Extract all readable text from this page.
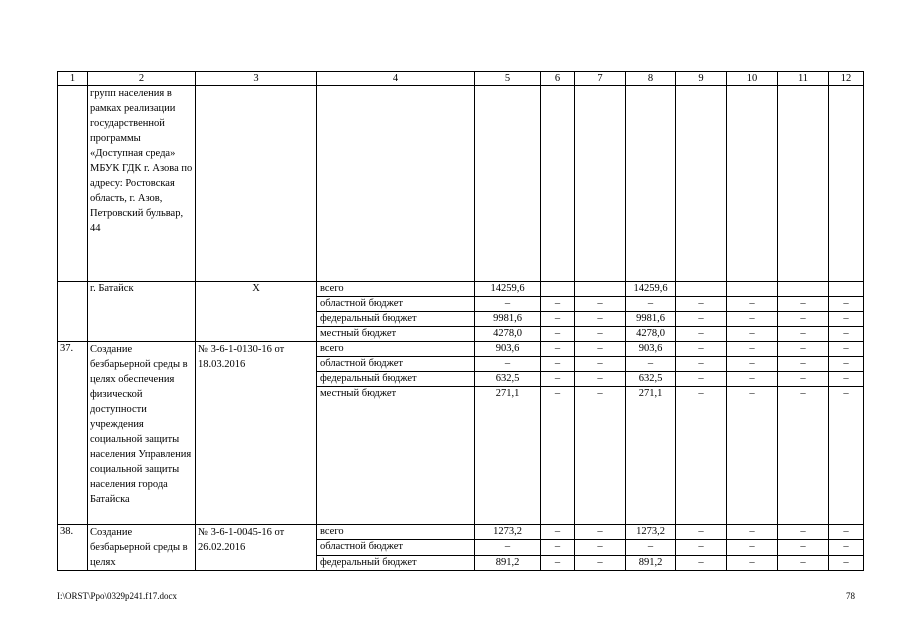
1	2	3	4	5	6	7	8	9	10	11	12
	групп населения в рамках реализации государственной программы «Доступная среда» МБУК ГДК г. Азова по адресу: Ростовская область, г. Азов, Петровский бульвар, 44										
	г. Батайск	X	всего	14259,6			14259,6				
			областной бюджет	–	–	–	–	–	–	–	–
			федеральный бюджет	9981,6	–	–	9981,6	–	–	–	–
			местный бюджет	4278,0	–	–	4278,0	–	–	–	–
37.	Создание безбарьерной среды в целях обеспечения физической доступности учреждения социальной защиты населения Управления социальной защиты населения города Батайска	№ 3-6-1-0130-16 от 18.03.2016	всего	903,6	–	–	903,6	–	–	–	–
			областной бюджет	–	–	–	–	–	–	–	–
			федеральный бюджет	632,5	–	–	632,5	–	–	–	–
			местный бюджет	271,1	–	–	271,1	–	–	–	–
38.	Создание безбарьерной среды в целях	№ 3-6-1-0045-16 от 26.02.2016	всего	1273,2	–	–	1273,2	–	–	–	–
			областной бюджет	–	–	–	–	–	–	–	–
			федеральный бюджет	891,2	–	–	891,2	–	–	–	–
I:\ORST\Ppo\0329p241.f17.docx	78
